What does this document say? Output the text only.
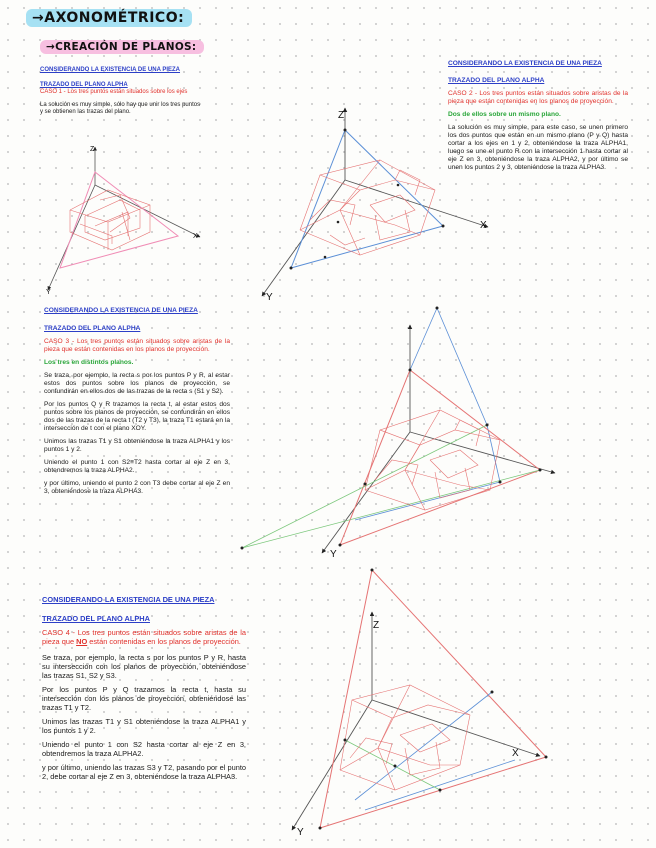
→AXONOMÉTRICO:
→CREACIÓN DE PLANOS:

CONSIDERANDO LA EXISTENCIA DE UNA PIEZA

TRAZADO DEL PLANO ALPHA

CASO 1 - Los tres puntos están situados sobre los ejes

La solución es muy simple, sólo hay que unir los tres puntos y se obtienen las trazas del plano.

CONSIDERANDO LA EXISTENCIA DE UNA PIEZA

TRAZADO DEL PLANO ALPHA

CASO 2 - Los tres puntos están situados sobre aristas de la pieza que están contenidas en los planos de proyección.

Dos de ellos sobre un mismo plano.

La solución es muy simple, para este caso, se unen primero los dos puntos que están en un mismo plano (P y Q) hasta cortar a los ejes en 1 y 2, obteniéndose la traza ALPHA1, luego se une el punto R con la intersección 1 hasta cortar al eje Z en 3, obteniéndose la traza ALPHA2, y por último se unen los puntos 2 y 3, obteniéndose la traza ALPHA3.

CONSIDERANDO LA EXISTENCIA DE UNA PIEZA

TRAZADO DEL PLANO ALPHA

CASO 3 - Los tres puntos están situados sobre aristas de la pieza que están contenidas en los planos de proyección.

Los tres en distintos planos.

Se traza, por ejemplo, la recta s por los puntos P y R, al estar estos dos puntos sobre los planos de proyección, se confundirán en ellos dos de las trazas de la recta s (S1 y S2).

Por los puntos Q y R trazamos la recta t, al estar estos dos puntos sobre los planos de proyección, se confundirán en ellos dos de las trazas de la recta t (T2 y T3), la traza T1 estará en la intersección de t con el plano XOY.

Unimos las trazas T1 y S1 obteniéndose la traza ALPHA1 y los puntos 1 y 2.

Uniendo el punto 1 con S2≡T2 hasta cortar al eje Z en 3, obtendremos la traza ALPHA2.

y por último, uniendo el punto 2 con T3 debe cortar al eje Z en 3, obteniéndose la traza ALPHA3.

CONSIDERANDO LA EXISTENCIA DE UNA PIEZA

TRAZADO DEL PLANO ALPHA

CASO 4 - Los tres puntos están situados sobre aristas de la pieza que NO están contenidas en los planos de proyección.

Se traza, por ejemplo, la recta s por los puntos P y R, hasta su intersección con los planos de proyección, obteniéndose las trazas S1, S2 y S3.

Por los puntos P y Q trazamos la recta t, hasta su intersección con los planos de proyección, obteniéndose las trazas T1 y T2.

Unimos las trazas T1 y S1 obteniéndose la traza ALPHA1 y los puntos 1 y 2.

Uniendo el punto 1 con S2 hasta cortar al eje Z en 3, obtendremos la traza ALPHA2.

y por último, uniendo las trazas S3 y T2, pasando por el punto 2, debe cortar al eje Z en 3, obteniéndose la traza ALPHA3.

Z
X
Y
Z
X
Y
Y
Z
X
Y
